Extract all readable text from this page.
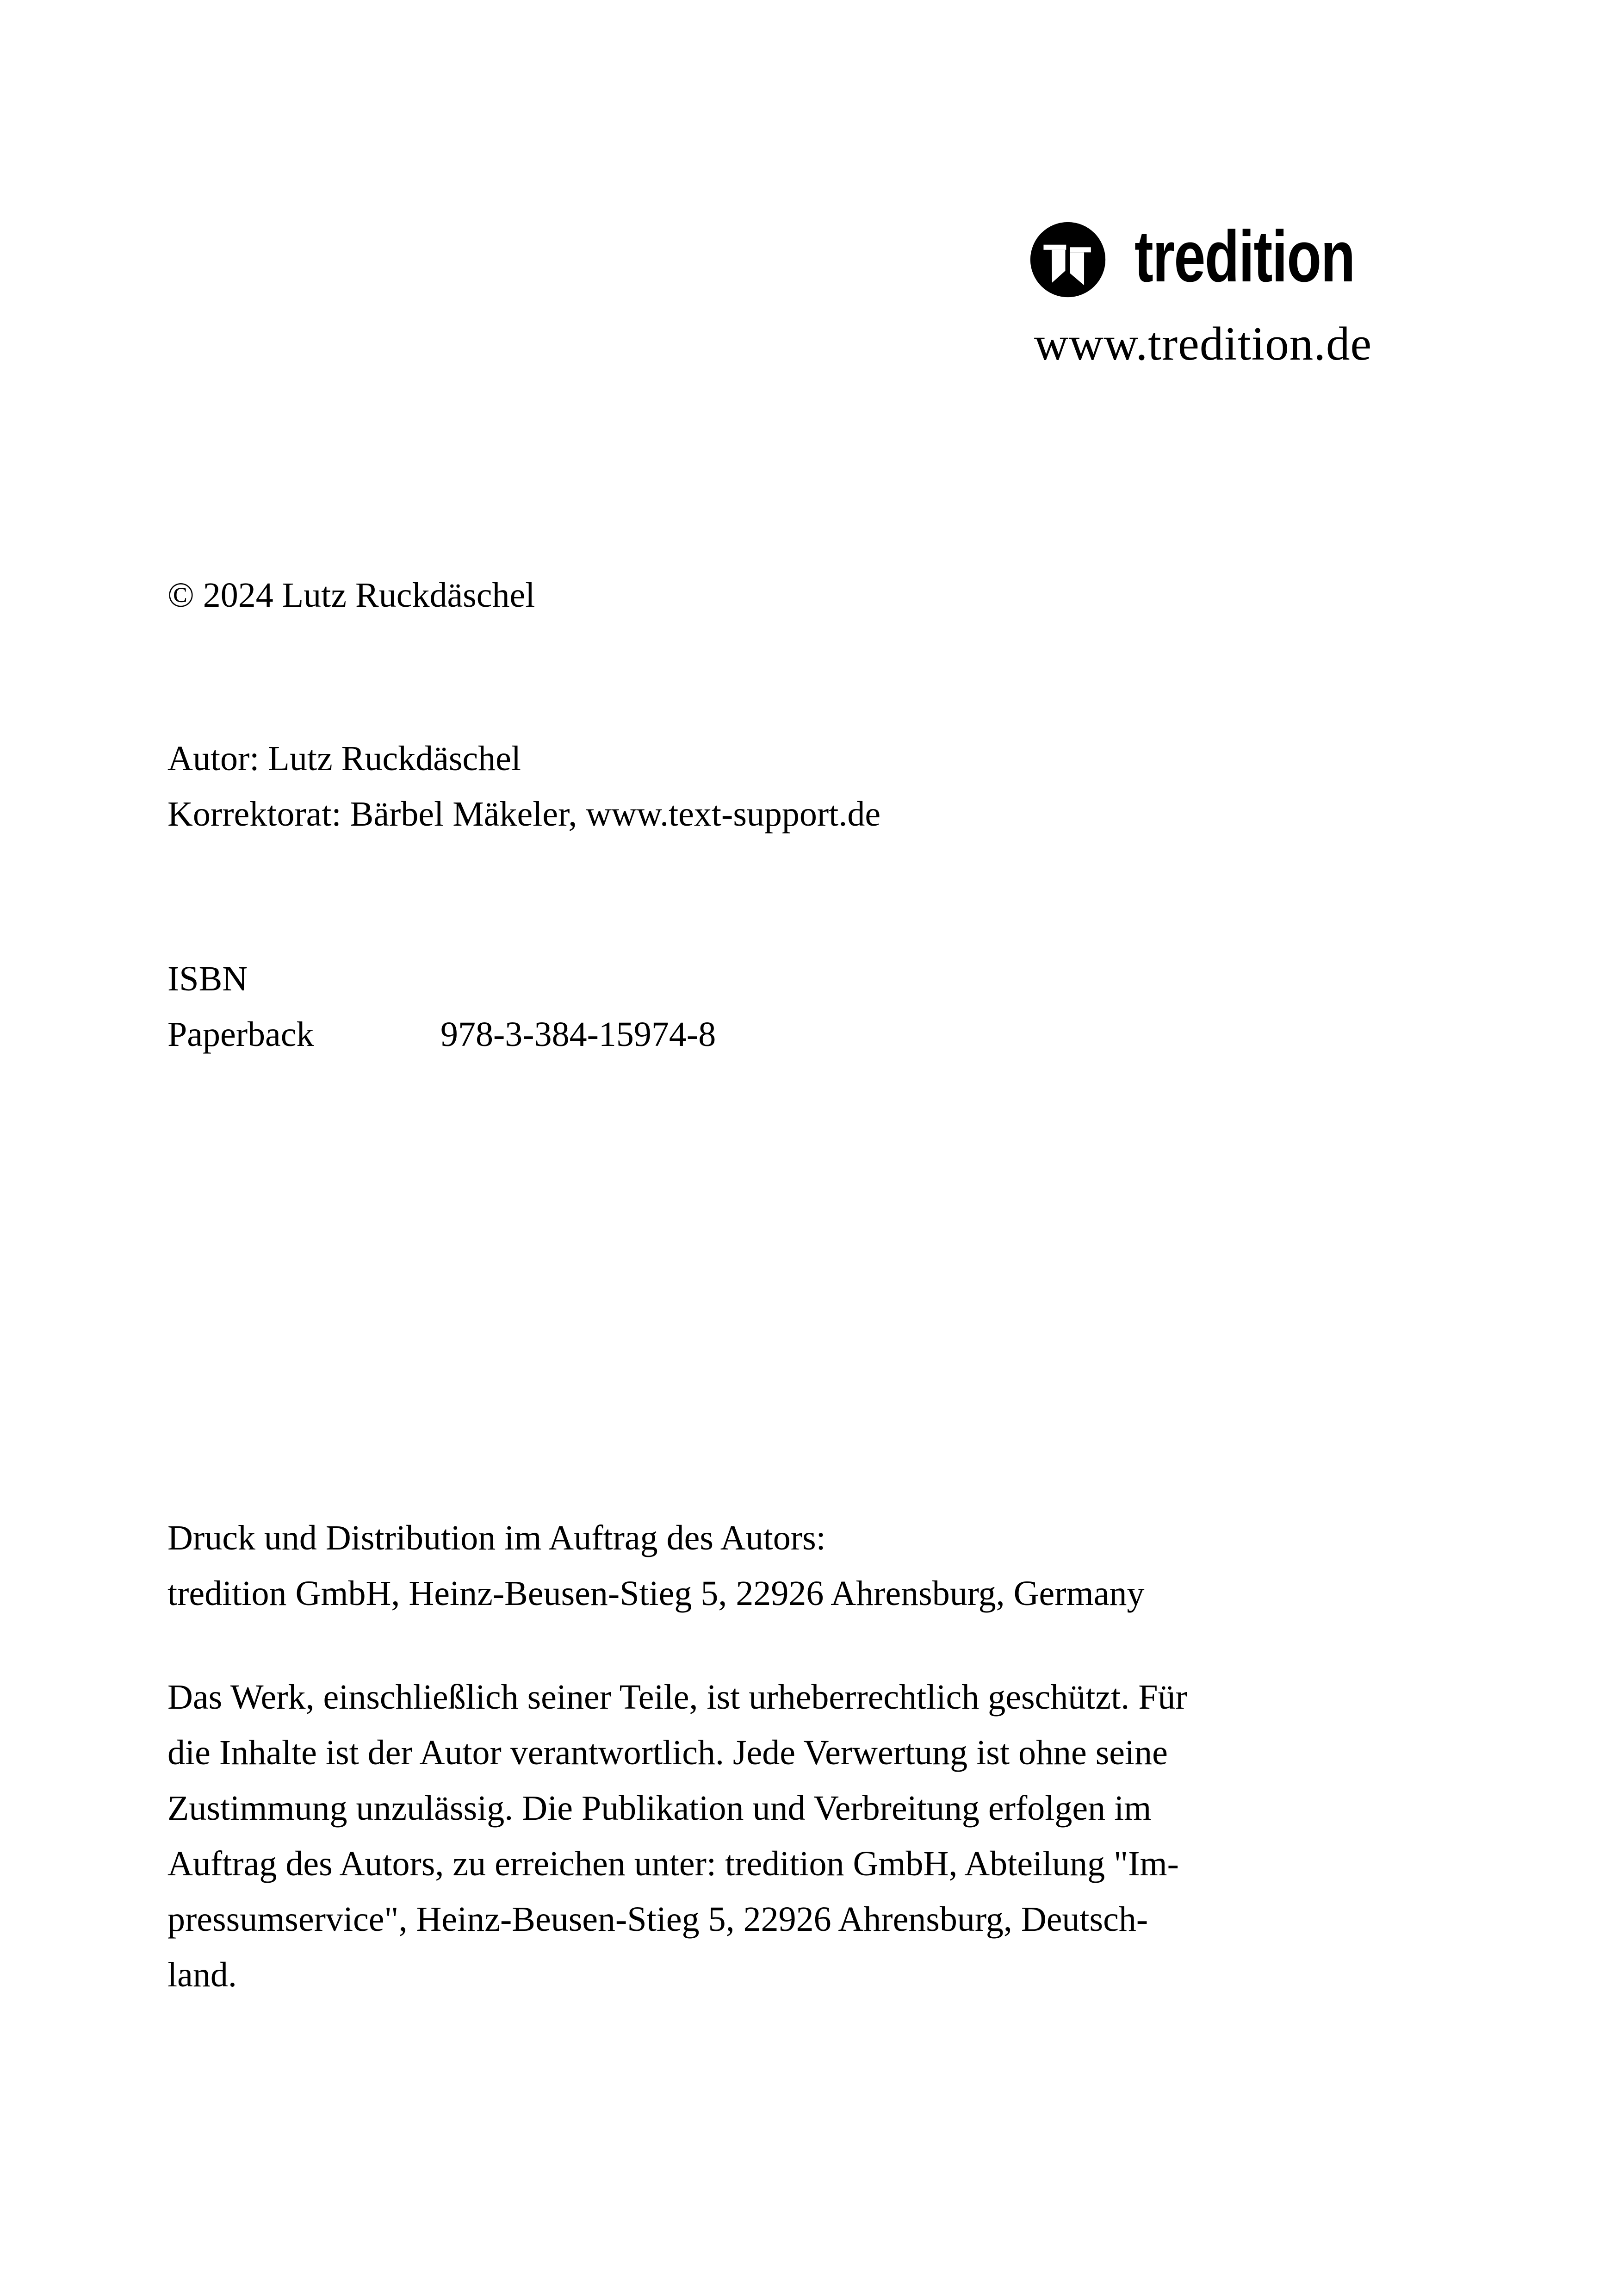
tredition
www.tredition.de
© 2024 Lutz Ruckdäschel
Autor: Lutz Ruckdäschel
Korrektorat: Bärbel Mäkeler, www.text-support.de
ISBN
Paperback	978-3-384-15974-8
Druck und Distribution im Auftrag des Autors:
tredition GmbH, Heinz-Beusen-Stieg 5, 22926 Ahrensburg, Germany
Das Werk, einschließlich seiner Teile, ist urheberrechtlich geschützt. Für
die Inhalte ist der Autor verantwortlich. Jede Verwertung ist ohne seine
Zustimmung unzulässig. Die Publikation und Verbreitung erfolgen im
Auftrag des Autors, zu erreichen unter: tredition GmbH, Abteilung "Im-
pressumservice", Heinz-Beusen-Stieg 5, 22926 Ahrensburg, Deutsch-
land.
